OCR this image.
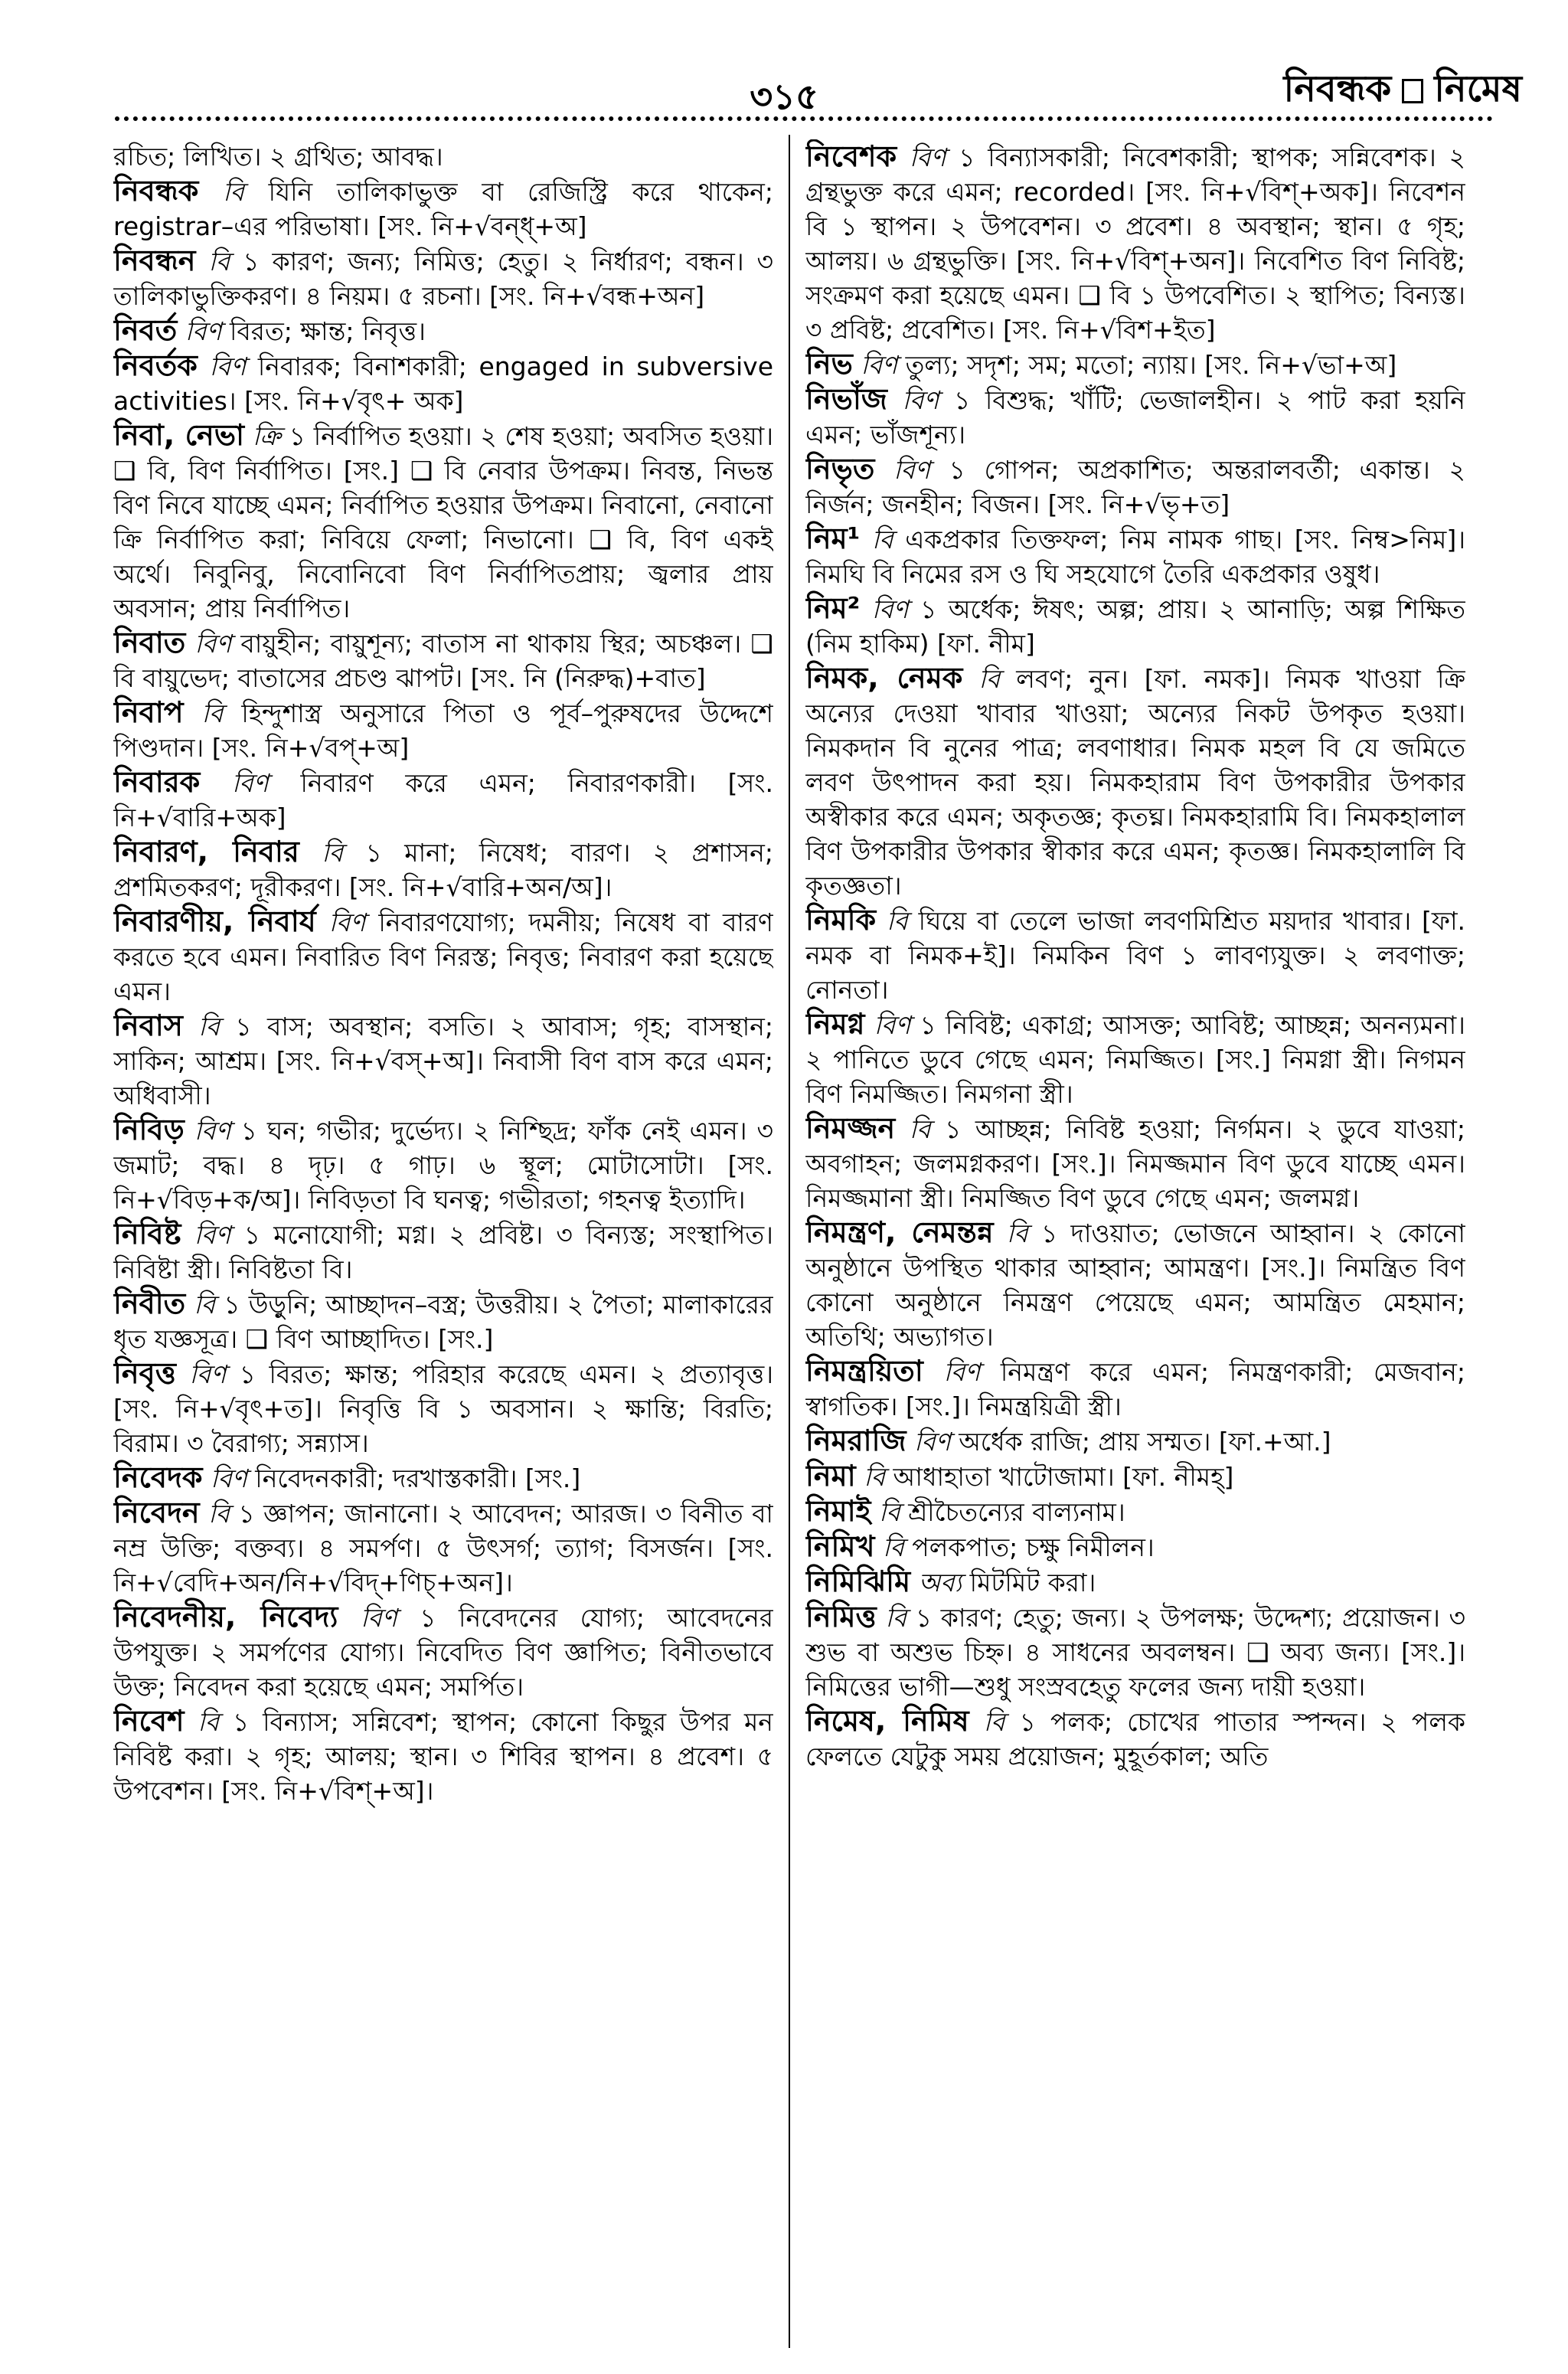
৩১৫	নিবন্ধক নিমেষ

রচিত; লিখিত। ২ গ্রথিত; আবদ্ধ।

নিবন্ধক বি যিনি তালিকাভুক্ত বা রেজিস্ট্রি করে থাকেন; registrar–এর পরিভাষা। [সং. নি+√বন্ধ্+অ]

নিবন্ধন বি ১ কারণ; জন্য; নিমিত্ত; হেতু। ২ নির্ধারণ; বন্ধন। ৩ তালিকাভুক্তিকরণ। ৪ নিয়ম। ৫ রচনা। [সং. নি+√বন্ধ+অন]

নিবর্ত বিণ বিরত; ক্ষান্ত; নিবৃত্ত।

নিবর্তক বিণ নিবারক; বিনাশকারী; engaged in subversive activities। [সং. নি+√বৃৎ+ অক]

নিবা, নেভা ক্রি ১ নির্বাপিত হওয়া। ২ শেষ হওয়া; অবসিত হওয়া। ❑ বি, বিণ নির্বাপিত। [সং.] ❑ বি নেবার উপক্রম। নিবন্ত, নিভন্ত বিণ নিবে যাচ্ছে এমন; নির্বাপিত হওয়ার উপক্রম। নিবানো, নেবানো ক্রি নির্বাপিত করা; নিবিয়ে ফেলা; নিভানো। ❑ বি, বিণ একই অর্থে। নিবুনিবু, নিবোনিবো বিণ নির্বাপিতপ্রায়; জ্বলার প্রায় অবসান; প্রায় নির্বাপিত।

নিবাত বিণ বায়ুহীন; বায়ুশূন্য; বাতাস না থাকায় স্থির; অচঞ্চল। ❑ বি বায়ুভেদ; বাতাসের প্রচণ্ড ঝাপট। [সং. নি (নিরুদ্ধ)+বাত]

নিবাপ বি হিন্দুশাস্ত্র অনুসারে পিতা ও পূর্ব–পুরুষদের উদ্দেশে পিণ্ডদান। [সং. নি+√বপ্+অ]

নিবারক বিণ নিবারণ করে এমন; নিবারণকারী। [সং. নি+√বারি+অক]

নিবারণ, নিবার বি ১ মানা; নিষেধ; বারণ। ২ প্রশাসন; প্রশমিতকরণ; দূরীকরণ। [সং. নি+√বারি+অন/অ]।

নিবারণীয়, নিবার্য বিণ নিবারণযোগ্য; দমনীয়; নিষেধ বা বারণ করতে হবে এমন। নিবারিত বিণ নিরস্ত; নিবৃত্ত; নিবারণ করা হয়েছে এমন।

নিবাস বি ১ বাস; অবস্থান; বসতি। ২ আবাস; গৃহ; বাসস্থান; সাকিন; আশ্রম। [সং. নি+√বস্+অ]। নিবাসী বিণ বাস করে এমন; অধিবাসী।

নিবিড় বিণ ১ ঘন; গভীর; দুর্ভেদ্য। ২ নিশ্ছিদ্র; ফাঁক নেই এমন। ৩ জমাট; বদ্ধ। ৪ দৃঢ়। ৫ গাঢ়। ৬ স্থূল; মোটাসোটা। [সং. নি+√বিড়+ক/অ]। নিবিড়তা বি ঘনত্ব; গভীরতা; গহনত্ব ইত্যাদি।

নিবিষ্ট বিণ ১ মনোযোগী; মগ্ন। ২ প্রবিষ্ট। ৩ বিন্যস্ত; সংস্থাপিত। নিবিষ্টা স্ত্রী। নিবিষ্টতা বি।

নিবীত বি ১ উড়ুনি; আচ্ছাদন–বস্ত্র; উত্তরীয়। ২ পৈতা; মালাকারের ধৃত যজ্ঞসূত্র। ❑ বিণ আচ্ছাদিত। [সং.]

নিবৃত্ত বিণ ১ বিরত; ক্ষান্ত; পরিহার করেছে এমন। ২ প্রত্যাবৃত্ত। [সং. নি+√বৃৎ+ত]। নিবৃত্তি বি ১ অবসান। ২ ক্ষান্তি; বিরতি; বিরাম। ৩ বৈরাগ্য; সন্ন্যাস।

নিবেদক বিণ নিবেদনকারী; দরখাস্তকারী। [সং.]

নিবেদন বি ১ জ্ঞাপন; জানানো। ২ আবেদন; আরজ। ৩ বিনীত বা নম্র উক্তি; বক্তব্য। ৪ সমর্পণ। ৫ উৎসর্গ; ত্যাগ; বিসর্জন। [সং. নি+√বেদি+অন/নি+√বিদ্+ণিচ্+অন]।

নিবেদনীয়, নিবেদ্য বিণ ১ নিবেদনের যোগ্য; আবেদনের উপযুক্ত। ২ সমর্পণের যোগ্য। নিবেদিত বিণ জ্ঞাপিত; বিনীতভাবে উক্ত; নিবেদন করা হয়েছে এমন; সমর্পিত।

নিবেশ বি ১ বিন্যাস; সন্নিবেশ; স্থাপন; কোনো কিছুর উপর মন নিবিষ্ট করা। ২ গৃহ; আলয়; স্থান। ৩ শিবির স্থাপন। ৪ প্রবেশ। ৫ উপবেশন। [সং. নি+√বিশ্+অ]।

নিবেশক বিণ ১ বিন্যাসকারী; নিবেশকারী; স্থাপক; সন্নিবেশক। ২ গ্রন্থভুক্ত করে এমন; recorded। [সং. নি+√বিশ্+অক]। নিবেশন বি ১ স্থাপন। ২ উপবেশন। ৩ প্রবেশ। ৪ অবস্থান; স্থান। ৫ গৃহ; আলয়। ৬ গ্রন্থভুক্তি। [সং. নি+√বিশ্+অন]। নিবেশিত বিণ নিবিষ্ট; সংক্রমণ করা হয়েছে এমন। ❑ বি ১ উপবেশিত। ২ স্থাপিত; বিন্যস্ত। ৩ প্রবিষ্ট; প্রবেশিত। [সং. নি+√বিশ+ইত]

নিভ বিণ তুল্য; সদৃশ; সম; মতো; ন্যায়। [সং. নি+√ভা+অ]

নিভাঁজ বিণ ১ বিশুদ্ধ; খাঁটি; ভেজালহীন। ২ পাট করা হয়নি এমন; ভাঁজশূন্য।

নিভৃত বিণ ১ গোপন; অপ্রকাশিত; অন্তরালবর্তী; একান্ত। ২ নির্জন; জনহীন; বিজন। [সং. নি+√ভৃ+ত]

নিম¹ বি একপ্রকার তিক্তফল; নিম নামক গাছ। [সং. নিম্ব>নিম]। নিমঘি বি নিমের রস ও ঘি সহযোগে তৈরি একপ্রকার ওষুধ।

নিম² বিণ ১ অর্ধেক; ঈষৎ; অল্প; প্রায়। ২ আনাড়ি; অল্প শিক্ষিত (নিম হাকিম) [ফা. নীম]

নিমক, নেমক বি লবণ; নুন। [ফা. নমক]। নিমক খাওয়া ক্রি অন্যের দেওয়া খাবার খাওয়া; অন্যের নিকট উপকৃত হওয়া। নিমকদান বি নুনের পাত্র; লবণাধার। নিমক মহল বি যে জমিতে লবণ উৎপাদন করা হয়। নিমকহারাম বিণ উপকারীর উপকার অস্বীকার করে এমন; অকৃতজ্ঞ; কৃতঘ্ন। নিমকহারামি বি। নিমকহালাল বিণ উপকারীর উপকার স্বীকার করে এমন; কৃতজ্ঞ। নিমকহালালি বি কৃতজ্ঞতা।

নিমকি বি ঘিয়ে বা তেলে ভাজা লবণমিশ্রিত ময়দার খাবার। [ফা. নমক বা নিমক+ই]। নিমকিন বিণ ১ লাবণ্যযুক্ত। ২ লবণাক্ত; নোনতা।

নিমগ্ন বিণ ১ নিবিষ্ট; একাগ্র; আসক্ত; আবিষ্ট; আচ্ছন্ন; অনন্যমনা। ২ পানিতে ডুবে গেছে এমন; নিমজ্জিত। [সং.] নিমগ্না স্ত্রী। নিগমন বিণ নিমজ্জিত। নিমগনা স্ত্রী।

নিমজ্জন বি ১ আচ্ছন্ন; নিবিষ্ট হওয়া; নির্গমন। ২ ডুবে যাওয়া; অবগাহন; জলমগ্নকরণ। [সং.]। নিমজ্জমান বিণ ডুবে যাচ্ছে এমন। নিমজ্জমানা স্ত্রী। নিমজ্জিত বিণ ডুবে গেছে এমন; জলমগ্ন।

নিমন্ত্রণ, নেমন্তন্ন বি ১ দাওয়াত; ভোজনে আহ্বান। ২ কোনো অনুষ্ঠানে উপস্থিত থাকার আহ্বান; আমন্ত্রণ। [সং.]। নিমন্ত্রিত বিণ কোনো অনুষ্ঠানে নিমন্ত্রণ পেয়েছে এমন; আমন্ত্রিত মেহমান; অতিথি; অভ্যাগত।

নিমন্ত্রয়িতা বিণ নিমন্ত্রণ করে এমন; নিমন্ত্রণকারী; মেজবান; স্বাগতিক। [সং.]। নিমন্ত্রয়িত্রী স্ত্রী।

নিমরাজি বিণ অর্ধেক রাজি; প্রায় সম্মত। [ফা.+আ.]

নিমা বি আধাহাতা খাটোজামা। [ফা. নীমহ্]

নিমাই বি শ্রীচৈতন্যের বাল্যনাম।

নিমিখ বি পলকপাত; চক্ষু নিমীলন।

নিমিঝিমি অব্য মিটমিট করা।

নিমিত্ত বি ১ কারণ; হেতু; জন্য। ২ উপলক্ষ; উদ্দেশ্য; প্রয়োজন। ৩ শুভ বা অশুভ চিহ্ন। ৪ সাধনের অবলম্বন। ❑ অব্য জন্য। [সং.]। নিমিত্তের ভাগী—শুধু সংস্রবহেতু ফলের জন্য দায়ী হওয়া।

নিমেষ, নিমিষ বি ১ পলক; চোখের পাতার স্পন্দন। ২ পলক ফেলতে যেটুকু সময় প্রয়োজন; মুহূর্তকাল; অতি
